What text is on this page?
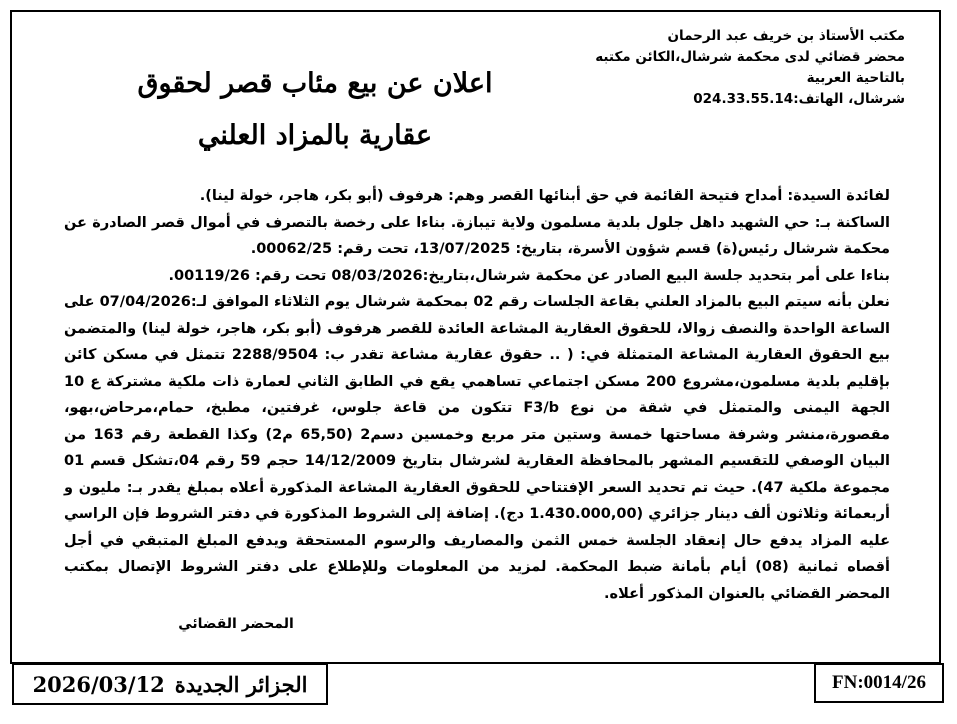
مكتب الأستاذ بن خريف عبد الرحمان
محضر قضائي لدى محكمة شرشال،الكائن مكتبه
بالتاحية العربية
شرشال، الهاتف:024.33.55.14
اعلان عن بيع مئاب قصر لحقوق
عقارية بالمزاد العلني

لفائدة السيدة: أمداح فتيحة القائمة في حق أبنائها القصر وهم: هرفوف (أبو بكر، هاجر، خولة لينا).

الساكنة بـ: حي الشهيد داهل جلول بلدية مسلمون ولاية تيبازة. بناءا على رخصة بالتصرف في أموال قصر الصادرة عن محكمة شرشال رئيس(ة) قسم شؤون الأسرة، بتاريخ: 13/07/2025، تحت رقم: 00062/25.

بناءا على أمر بتحديد جلسة البيع الصادر عن محكمة شرشال،بتاريخ:08/03/2026 تحت رقم: 00119/26.

نعلن بأنه سيتم البيع بالمزاد العلني بقاعة الجلسات رقم 02 بمحكمة شرشال يوم الثلاثاء الموافق لـ:07/04/2026 على الساعة الواحدة والنصف زوالا، للحقوق العقارية المشاعة العائدة للقصر هرفوف (أبو بكر، هاجر، خولة لينا) والمتضمن بيع الحقوق العقارية المشاعة المتمثلة في: ( .. حقوق عقارية مشاعة تقدر ب: 2288/9504 تتمثل في مسكن كائن بإقليم بلدية مسلمون،مشروع 200 مسكن اجتماعي تساهمي يقع في الطابق الثاني لعمارة ذات ملكية مشتركة ع 10 الجهة اليمنى والمتمثل في شقة من نوع F3/b تتكون من قاعة جلوس، غرفتين، مطبخ، حمام،مرحاض،بهو، مقصورة،منشر وشرفة مساحتها خمسة وستين متر مربع وخمسين دسم2 (65,50 م2) وكذا القطعة رقم 163 من البيان الوصفي للتقسيم المشهر بالمحافظة العقارية لشرشال بتاريخ 14/12/2009 حجم 59 رقم 04،تشكل قسم 01 مجموعة ملكية 47). حيث تم تحديد السعر الإفتتاحي للحقوق العقارية المشاعة المذكورة أعلاه بمبلغ يقدر بـ: مليون و أربعمائة وثلاثون ألف دينار جزائري (1.430.000,00 دج). إضافة إلى الشروط المذكورة في دفتر الشروط فإن الراسي عليه المزاد يدفع حال إنعقاد الجلسة خمس الثمن والمصاريف والرسوم المستحقة ويدفع المبلغ المتبقي في أجل أقصاه ثمانية (08) أيام بأمانة ضبط المحكمة. لمزيد من المعلومات وللإطلاع على دفتر الشروط الإتصال بمكتب المحضر القضائي بالعنوان المذكور أعلاه.

المحضر القضائي
الجزائر الجديدة
2026/03/12	FN:0014/26
